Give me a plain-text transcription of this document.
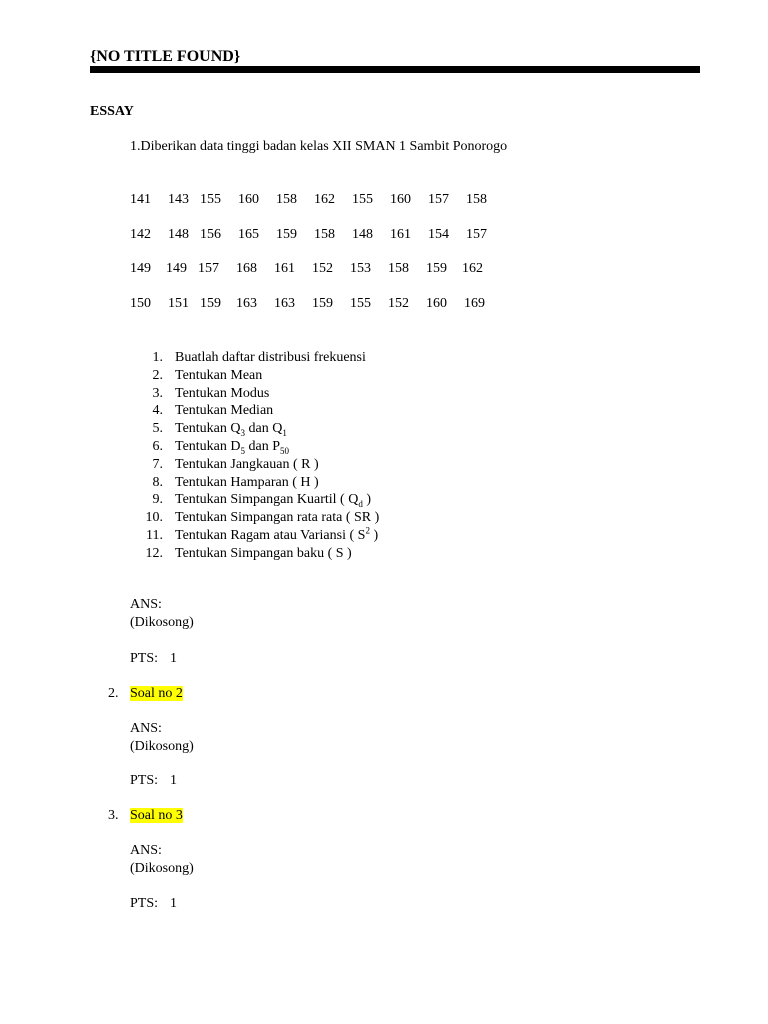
{NO TITLE FOUND}
ESSAY
1.Diberikan data tinggi badan kelas XII SMAN 1 Sambit Ponorogo
141 143 155 160 158 162 155 160 157 158
142 148 156 165 159 158 148 161 154 157
149 149 157 168 161 152 153 158 159 162
150 151 159 163 163 159 155 152 160 169
1. Buatlah daftar distribusi frekuensi
2. Tentukan Mean
3. Tentukan Modus
4. Tentukan Median
5. Tentukan $Q_3$ dan $Q_1$
6. Tentukan $D_5$ dan $P_{50}$
7. Tentukan Jangkauan ( R )
8. Tentukan Hamparan ( H )
9. Tentukan Simpangan Kuartil ( $Q_d$ )
10. Tentukan Simpangan rata rata ( SR )
11. Tentukan Ragam atau Variansi ( $S^2$ )
12. Tentukan Simpangan baku ( S )
ANS:
(Dikosong)
PTS: 1
2. Soal no 2
ANS:
(Dikosong)
PTS: 1
3. Soal no 3
ANS:
(Dikosong)
PTS: 1
